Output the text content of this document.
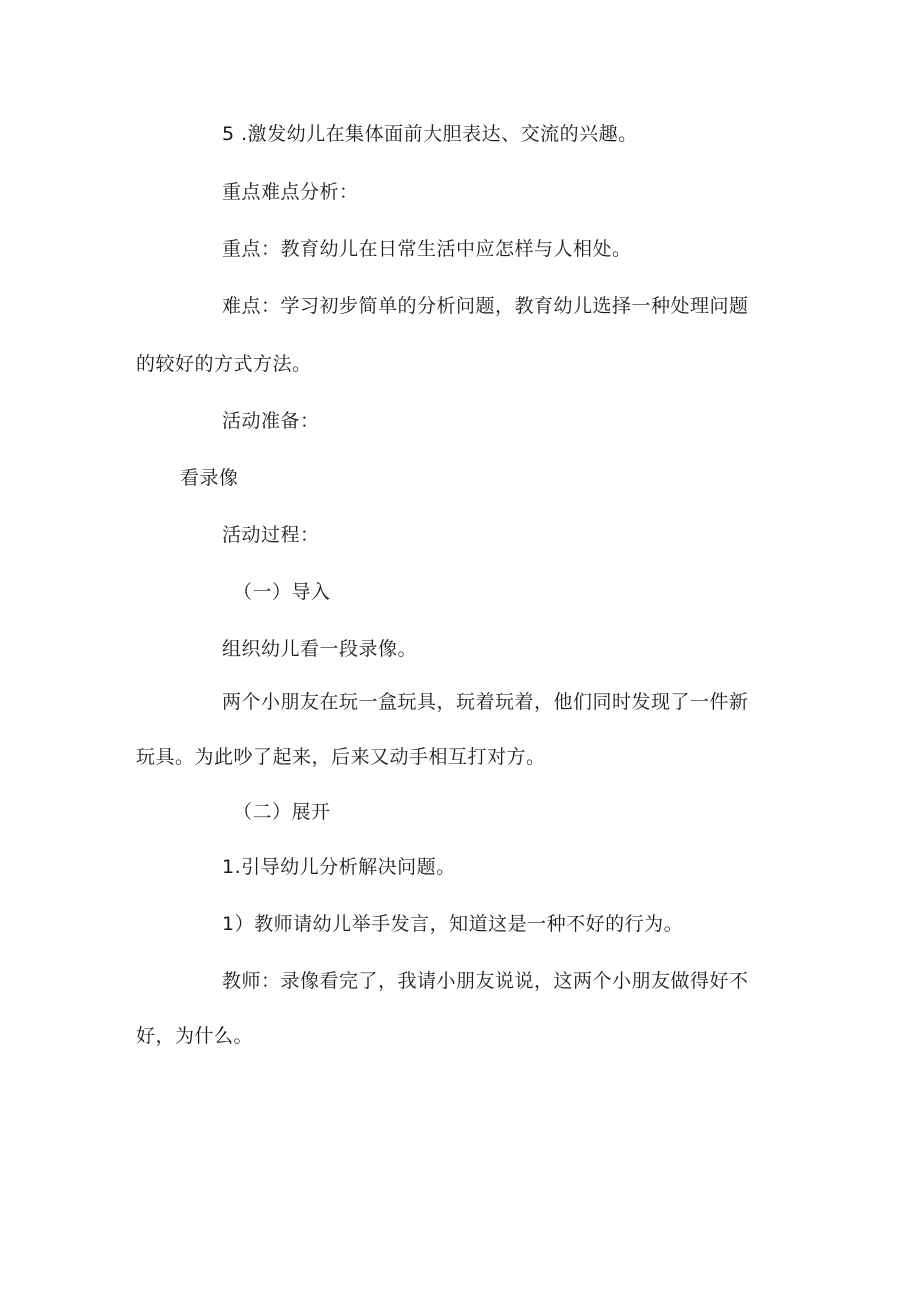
5 .激发幼儿在集体面前大胆表达、交流的兴趣。
重点难点分析：
重点：教育幼儿在日常生活中应怎样与人相处。
难点：学习初步简单的分析问题，教育幼儿选择一种处理问题
的较好的方式方法。
活动准备：
看录像
活动过程：
（一）导入
组织幼儿看一段录像。
两个小朋友在玩一盒玩具，玩着玩着，他们同时发现了一件新
玩具。为此吵了起来，后来又动手相互打对方。
（二）展开
1.引导幼儿分析解决问题。
1）教师请幼儿举手发言，知道这是一种不好的行为。
教师：录像看完了，我请小朋友说说，这两个小朋友做得好不
好，为什么。
